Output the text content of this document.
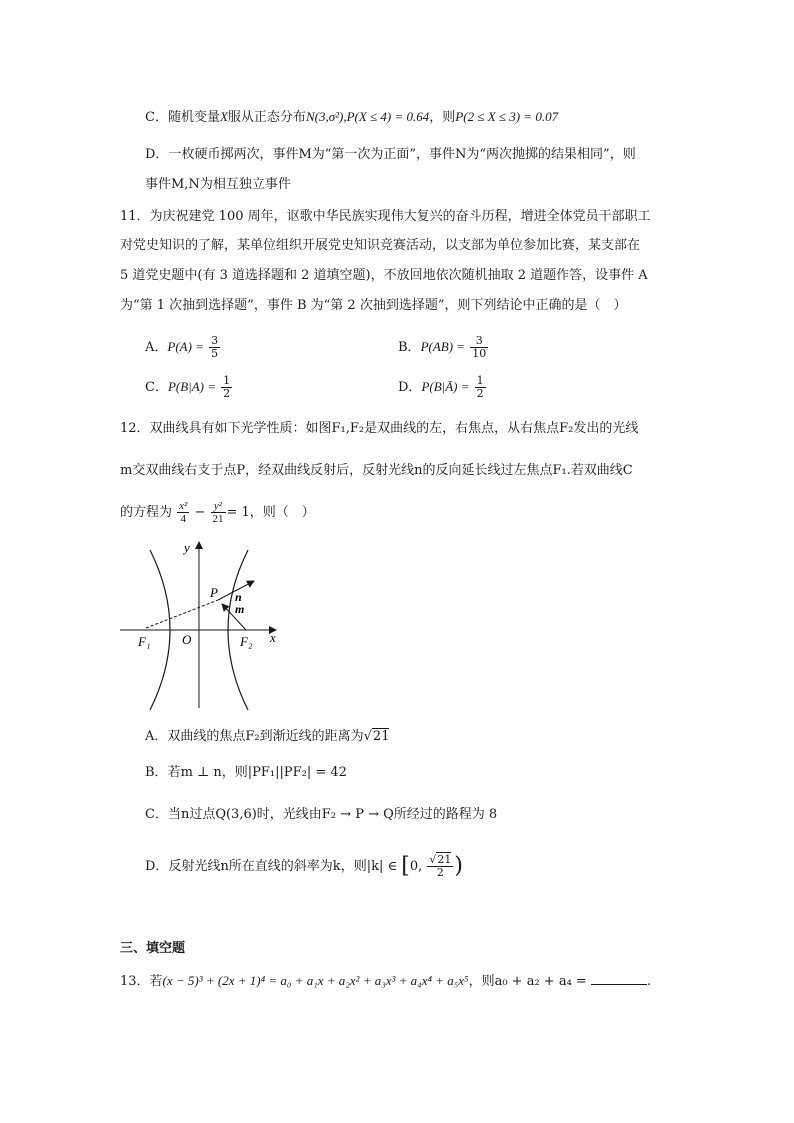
C．随机变量X服从正态分布N(3,σ²),P(X ≤ 4) = 0.64，则P(2 ≤ X ≤ 3) = 0.07
D．一枚硬币掷两次，事件M为“第一次为正面”，事件N为“两次抛掷的结果相同”，则
事件M,N为相互独立事件
11．为庆祝建党 100 周年，讴歌中华民族实现伟大复兴的奋斗历程，增进全体党员干部职工
对党史知识的了解，某单位组织开展党史知识竞赛活动，以支部为单位参加比赛，某支部在
5 道党史题中(有 3 道选择题和 2 道填空题)，不放回地依次随机抽取 2 道题作答，设事件 A
为“第 1 次抽到选择题”，事件 B 为“第 2 次抽到选择题”，则下列结论中正确的是（　）
A．$P(A) = \frac{3}{5}$	B．$P(AB) = \frac{3}{10}$
C．$P(B|A) = \frac{1}{2}$	D．P(B|Ā) = $\frac{1}{2}$
12．双曲线具有如下光学性质：如图F₁,F₂是双曲线的左，右焦点，从右焦点F₂发出的光线
m交双曲线右支于点P，经双曲线反射后，反射光线n的反向延长线过左焦点F₁.若双曲线C
的方程为 $\frac{\text{x²}}{4} - \frac{\text{y²}}{21} = 1$，则（　）
y
x
O
F₁	F₂
P n
m
A．双曲线的焦点F₂到渐近线的距离为√21
B．若m ⊥ n，则|PF₁||PF₂| = 42
C．当n过点Q(3,6)时，光线由F₂ → P → Q所经过的路程为 8
D．反射光线n所在直线的斜率为k，则|k| ∈ [0, $\frac{√21}{2}$ )
三、填空题
13．若(x − 5)³ + (2x + 1)⁴ = a₀ + a₁x + a₂x² + a₃x³ + a₄x⁴ + a₅x⁵，则a₀ + a₂ + a₄ =	.
